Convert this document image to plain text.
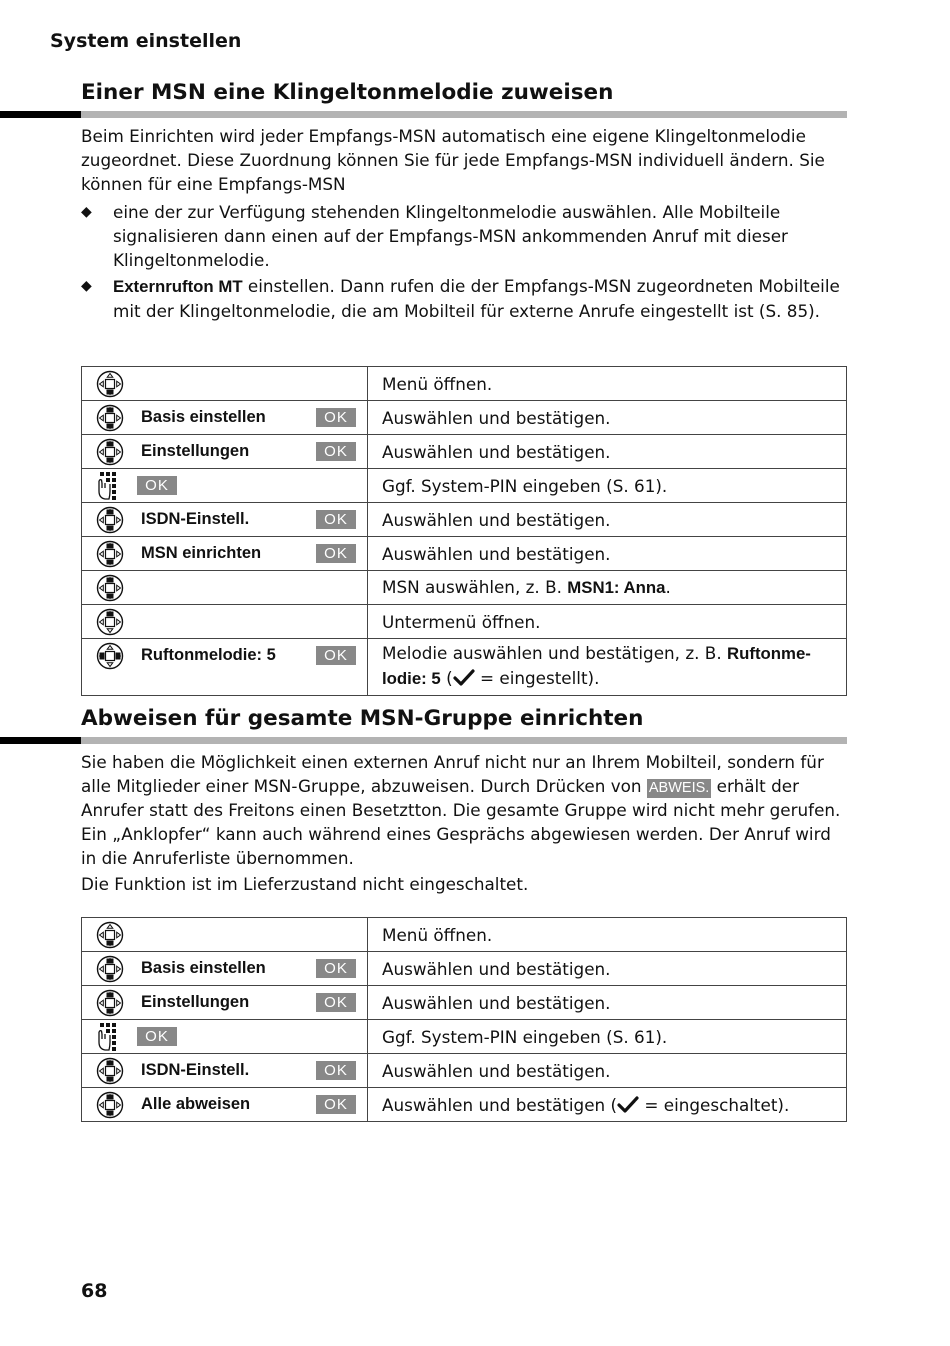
System einstellen
Einer MSN eine Klingeltonmelodie zuweisen

Beim Einrichten wird jeder Empfangs-MSN automatisch eine eigene Klingeltonmelodie zugeordnet. Diese Zuordnung können Sie für jede Empfangs-MSN individuell ändern. Sie können für eine Empfangs-MSN

◆ eine der zur Verfügung stehenden Klingeltonmelodie auswählen. Alle Mobilteile signalisieren dann einen auf der Empfangs-MSN ankommenden Anruf mit dieser Klingeltonmelodie.
◆ Externrufton MT einstellen. Dann rufen die der Empfangs-MSN zugeordneten Mobilteile mit der Klingeltonmelodie, die am Mobilteil für externe Anrufe eingestellt ist (S. 85).
	Menü öffnen.

Basis einstellen OK	Auswählen und bestätigen.

Einstellungen OK	Auswählen und bestätigen.

OK	Ggf. System-PIN eingeben (S. 61).

ISDN-Einstell. OK	Auswählen und bestätigen.

MSN einrichten OK	Auswählen und bestätigen.

	MSN auswählen, z. B. MSN1: Anna.

	Untermenü öffnen.

Ruftonmelodie: 5 OK	Melodie auswählen und bestätigen, z. B. Ruftonme-
lodie: 5 ( = eingestellt).
Abweisen für gesamte MSN-Gruppe einrichten

Sie haben die Möglichkeit einen externen Anruf nicht nur an Ihrem Mobilteil, sondern für alle Mitglieder einer MSN-Gruppe, abzuweisen. Durch Drücken von ABWEIS. erhält der Anrufer statt des Freitons einen Besetztton. Die gesamte Gruppe wird nicht mehr gerufen. Ein „Anklopfer“ kann auch während eines Gesprächs abgewiesen werden. Der Anruf wird in die Anruferliste übernommen.

Die Funktion ist im Lieferzustand nicht eingeschaltet.

	Menü öffnen.

Basis einstellen OK	Auswählen und bestätigen.

Einstellungen OK	Auswählen und bestätigen.

OK	Ggf. System-PIN eingeben (S. 61).

ISDN-Einstell. OK	Auswählen und bestätigen.

Alle abweisen OK	Auswählen und bestätigen ( = eingeschaltet).
68
